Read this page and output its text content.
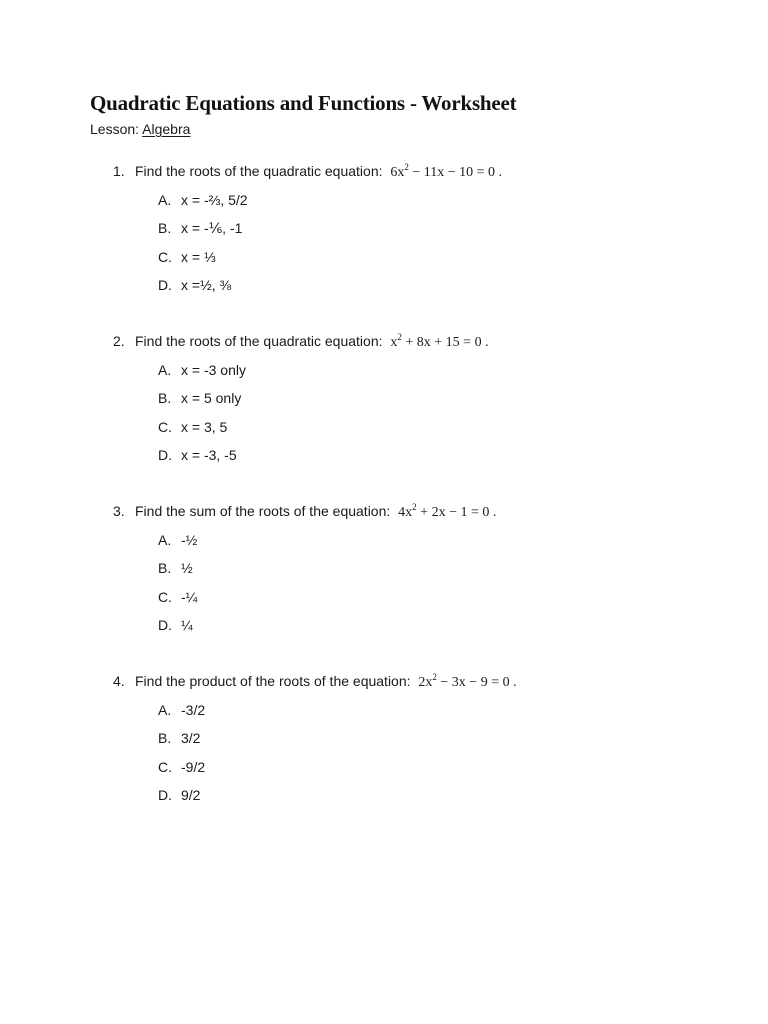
Quadratic Equations and Functions - Worksheet
Lesson: Algebra
1. Find the roots of the quadratic equation: $6x^2 - 11x - 10 = 0$ .
A. x = -⅔, 5/2
B. x = -⅙, -1
C. x = ⅓
D. x =½, ⅜
2. Find the roots of the quadratic equation: $x^2 + 8x + 15 = 0$ .
A. x = -3 only
B. x = 5 only
C. x = 3, 5
D. x = -3, -5
3. Find the sum of the roots of the equation: $4x^2 + 2x - 1 = 0$ .
A. -½
B. ½
C. -¼
D. ¼
4. Find the product of the roots of the equation: $2x^2 - 3x - 9 = 0$ .
A. -3/2
B. 3/2
C. -9/2
D. 9/2
